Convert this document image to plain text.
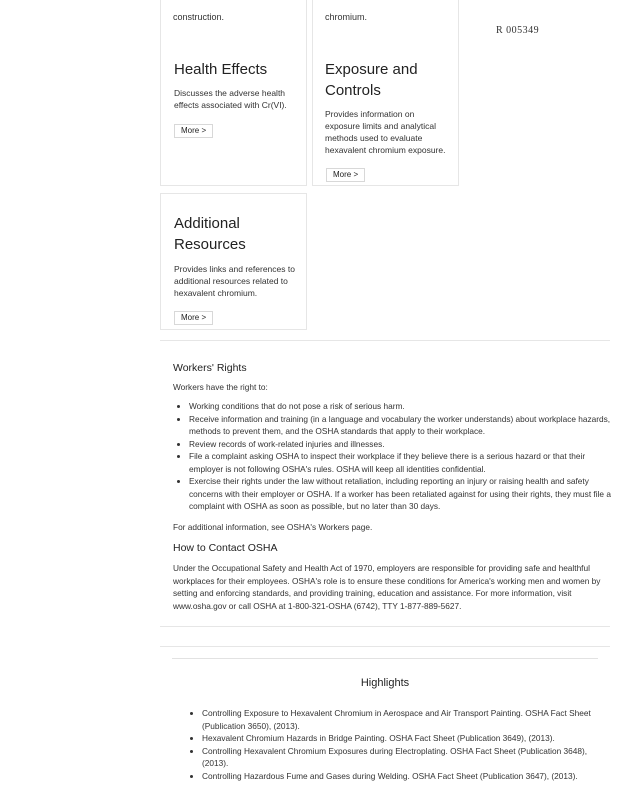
R 005349
construction.
Health Effects

Discusses the adverse health effects associated with Cr(VI).

More >
chromium.
Exposure and Controls

Provides information on exposure limits and analytical methods used to evaluate hexavalent chromium exposure.

More >
Additional Resources

Provides links and references to additional resources related to hexavalent chromium.

More >
Workers' Rights
Workers have the right to:
• Working conditions that do not pose a risk of serious harm.
• Receive information and training (in a language and vocabulary the worker understands) about workplace hazards, methods to prevent them, and the OSHA standards that apply to their workplace.
• Review records of work-related injuries and illnesses.
• File a complaint asking OSHA to inspect their workplace if they believe there is a serious hazard or that their employer is not following OSHA's rules. OSHA will keep all identities confidential.
• Exercise their rights under the law without retaliation, including reporting an injury or raising health and safety concerns with their employer or OSHA. If a worker has been retaliated against for using their rights, they must file a complaint with OSHA as soon as possible, but no later than 30 days.
For additional information, see OSHA's Workers page.
How to Contact OSHA
Under the Occupational Safety and Health Act of 1970, employers are responsible for providing safe and healthful workplaces for their employees. OSHA's role is to ensure these conditions for America's working men and women by setting and enforcing standards, and providing training, education and assistance. For more information, visit www.osha.gov or call OSHA at 1-800-321-OSHA (6742), TTY 1-877-889-5627.
Highlights
• Controlling Exposure to Hexavalent Chromium in Aerospace and Air Transport Painting. OSHA Fact Sheet (Publication 3650), (2013).
• Hexavalent Chromium Hazards in Bridge Painting. OSHA Fact Sheet (Publication 3649), (2013).
• Controlling Hexavalent Chromium Exposures during Electroplating. OSHA Fact Sheet (Publication 3648), (2013).
• Controlling Hazardous Fume and Gases during Welding. OSHA Fact Sheet (Publication 3647), (2013).
